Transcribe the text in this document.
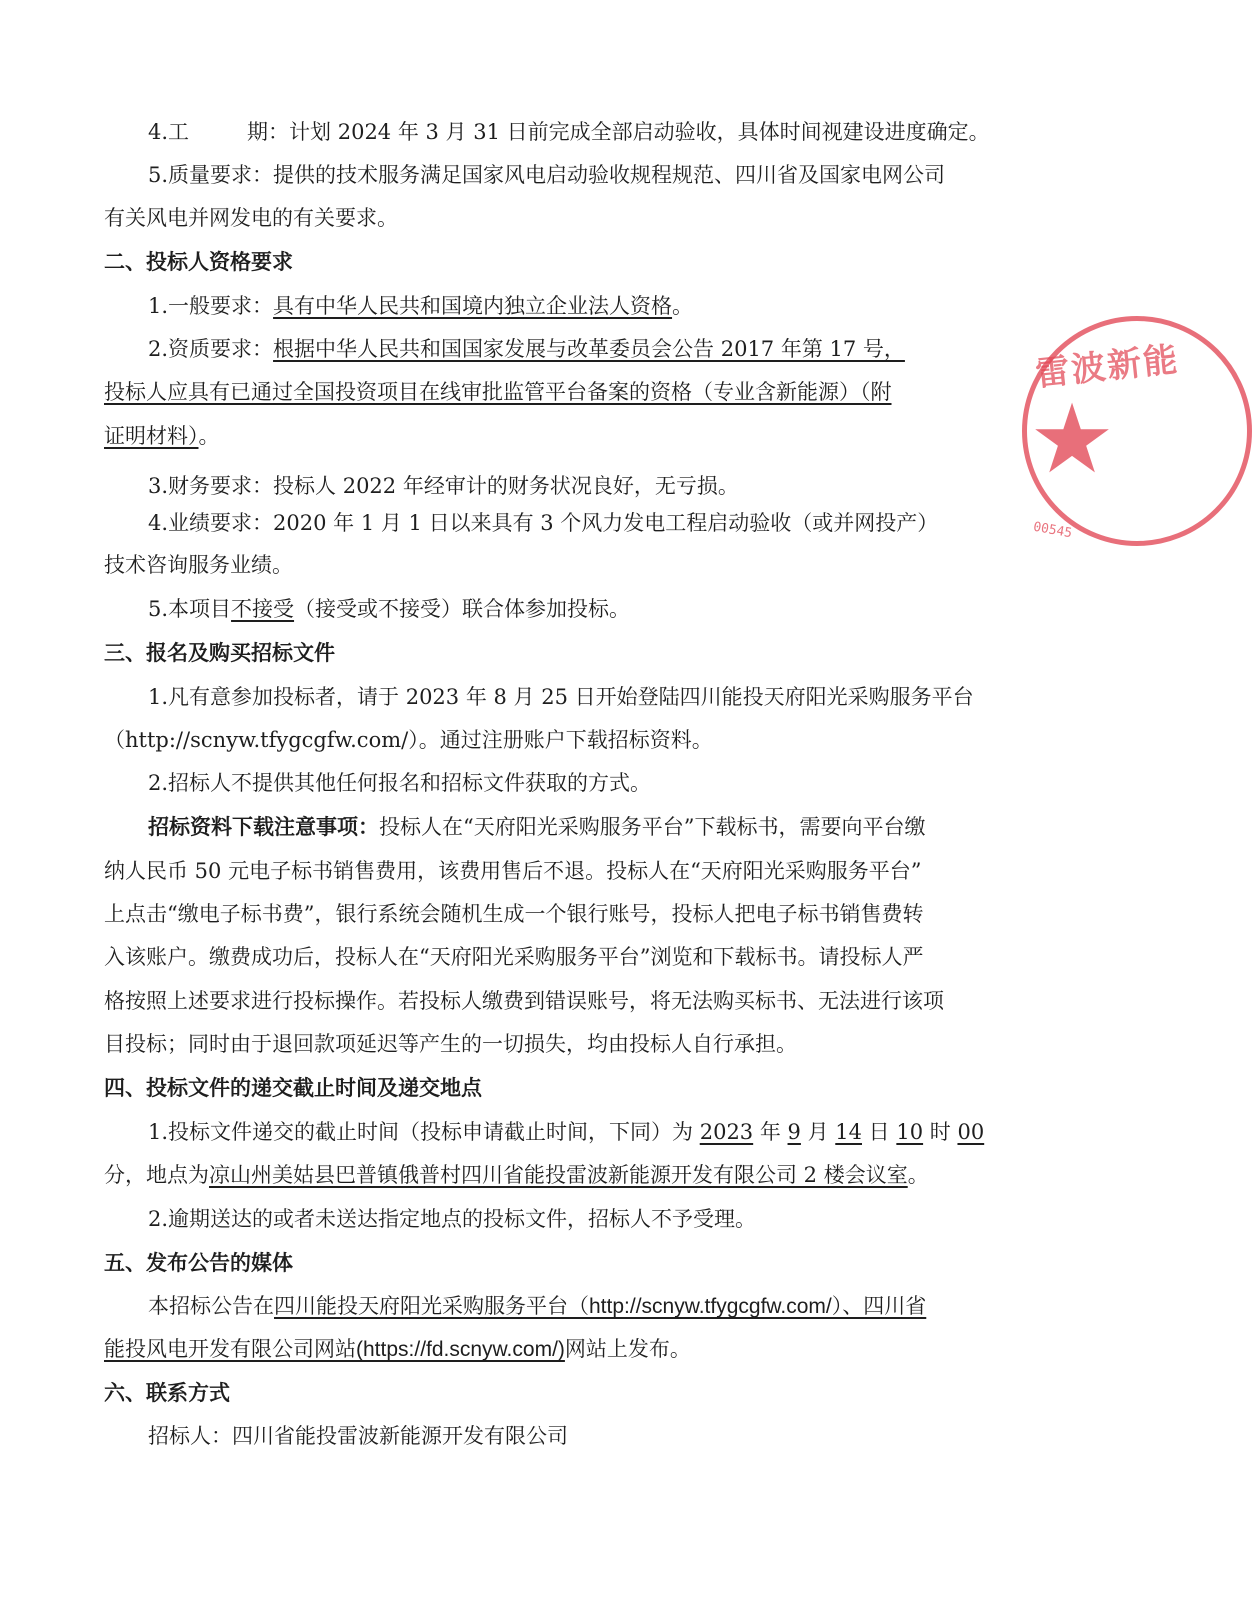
4.工	期：计划 2024 年 3 月 31 日前完成全部启动验收，具体时间视建设进度确定。
5.质量要求：提供的技术服务满足国家风电启动验收规程规范、四川省及国家电网公司
有关风电并网发电的有关要求。
二、投标人资格要求
1.一般要求：具有中华人民共和国境内独立企业法人资格。
2.资质要求：根据中华人民共和国国家发展与改革委员会公告 2017 年第 17 号，
投标人应具有已通过全国投资项目在线审批监管平台备案的资格（专业含新能源）（附
证明材料）。
3.财务要求：投标人 2022 年经审计的财务状况良好，无亏损。
4.业绩要求：2020 年 1 月 1 日以来具有 3 个风力发电工程启动验收（或并网投产）
技术咨询服务业绩。
5.本项目不接受（接受或不接受）联合体参加投标。
三、报名及购买招标文件
1.凡有意参加投标者，请于 2023 年 8 月 25 日开始登陆四川能投天府阳光采购服务平台
（http://scnyw.tfygcgfw.com/）。通过注册账户下载招标资料。
2.招标人不提供其他任何报名和招标文件获取的方式。
招标资料下载注意事项：投标人在“天府阳光采购服务平台”下载标书，需要向平台缴
纳人民币 50 元电子标书销售费用，该费用售后不退。投标人在“天府阳光采购服务平台”
上点击“缴电子标书费”，银行系统会随机生成一个银行账号，投标人把电子标书销售费转
入该账户。缴费成功后，投标人在“天府阳光采购服务平台”浏览和下载标书。请投标人严
格按照上述要求进行投标操作。若投标人缴费到错误账号，将无法购买标书、无法进行该项
目投标；同时由于退回款项延迟等产生的一切损失，均由投标人自行承担。
四、投标文件的递交截止时间及递交地点
1.投标文件递交的截止时间（投标申请截止时间，下同）为 2023 年 9 月 14 日 10 时 00
分，地点为凉山州美姑县巴普镇俄普村四川省能投雷波新能源开发有限公司 2 楼会议室。
2.逾期送达的或者未送达指定地点的投标文件，招标人不予受理。
五、发布公告的媒体
本招标公告在四川能投天府阳光采购服务平台（http://scnyw.tfygcgfw.com/）、四川省
能投风电开发有限公司网站(https://fd.scnyw.com/)网站上发布。
六、联系方式
招标人：四川省能投雷波新能源开发有限公司
雷波新能
★
00545
